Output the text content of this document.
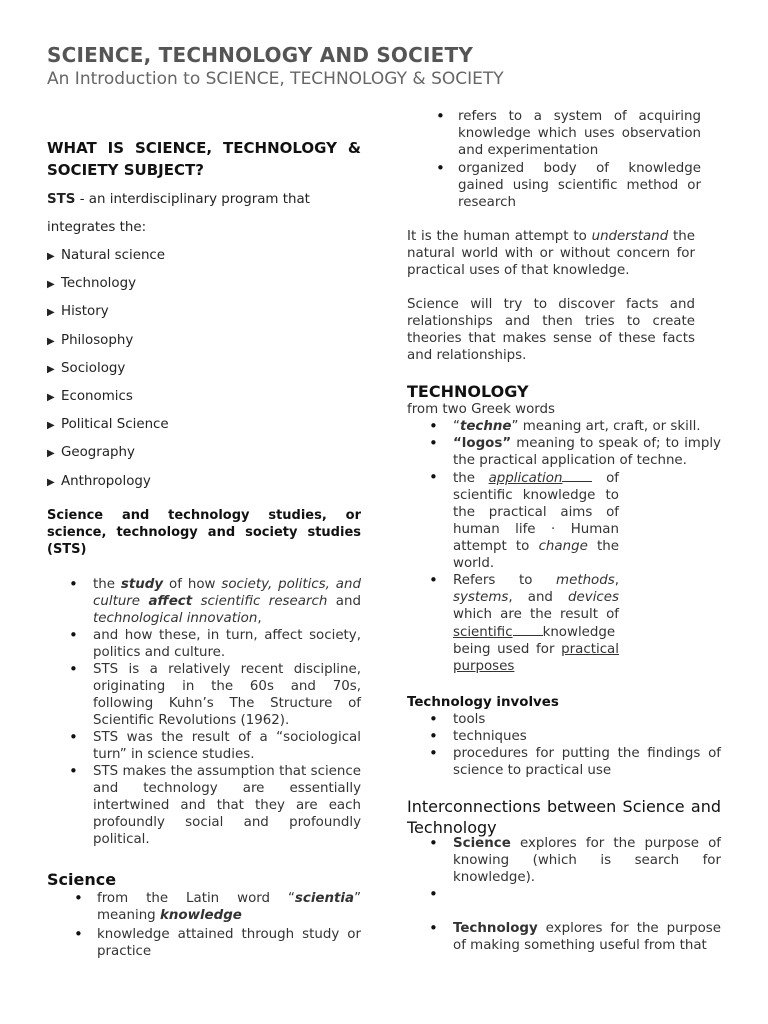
SCIENCE, TECHNOLOGY AND SOCIETY

An Introduction to SCIENCE, TECHNOLOGY & SOCIETY

WHAT IS SCIENCE, TECHNOLOGY & SOCIETY SUBJECT?

STS - an interdisciplinary program that

integrates the:

▶ Natural science
▶ Technology
▶ History
▶ Philosophy
▶ Sociology
▶ Economics
▶ Political Science
▶ Geography
▶ Anthropology

Science and technology studies, or science, technology and society studies (STS)

• the study of how society, politics, and culture affect scientific research and technological innovation,
• and how these, in turn, affect society, politics and culture.
• STS is a relatively recent discipline, originating in the 60s and 70s, following Kuhn’s The Structure of Scientific Revolutions (1962).
• STS was the result of a “sociological turn” in science studies.
• STS makes the assumption that science and technology are essentially intertwined and that they are each profoundly social and profoundly political.
Science
• from the Latin word “scientia” meaning knowledge
• knowledge attained through study or practice
• refers to a system of acquiring knowledge which uses observation and experimentation
• organized body of knowledge gained using scientific method or research

It is the human attempt to understand the natural world with or without concern for practical uses of that knowledge.

Science will try to discover facts and relationships and then tries to create theories that makes sense of these facts and relationships.

TECHNOLOGY

from two Greek words

• “techne” meaning art, craft, or skill.
• “logos” meaning to speak of; to imply the practical application of techne.
• the application of scientific knowledge to the practical aims of human life · Human attempt to change the world.
• Refers to methods, systems, and devices which are the result of scientific knowledge being used for practical purposes

Technology involves

• tools
• techniques
• procedures for putting the findings of science to practical use
Interconnections between Science and Technology
• Science explores for the purpose of knowing (which is search for knowledge).
•
• Technology explores for the purpose of making something useful from that
